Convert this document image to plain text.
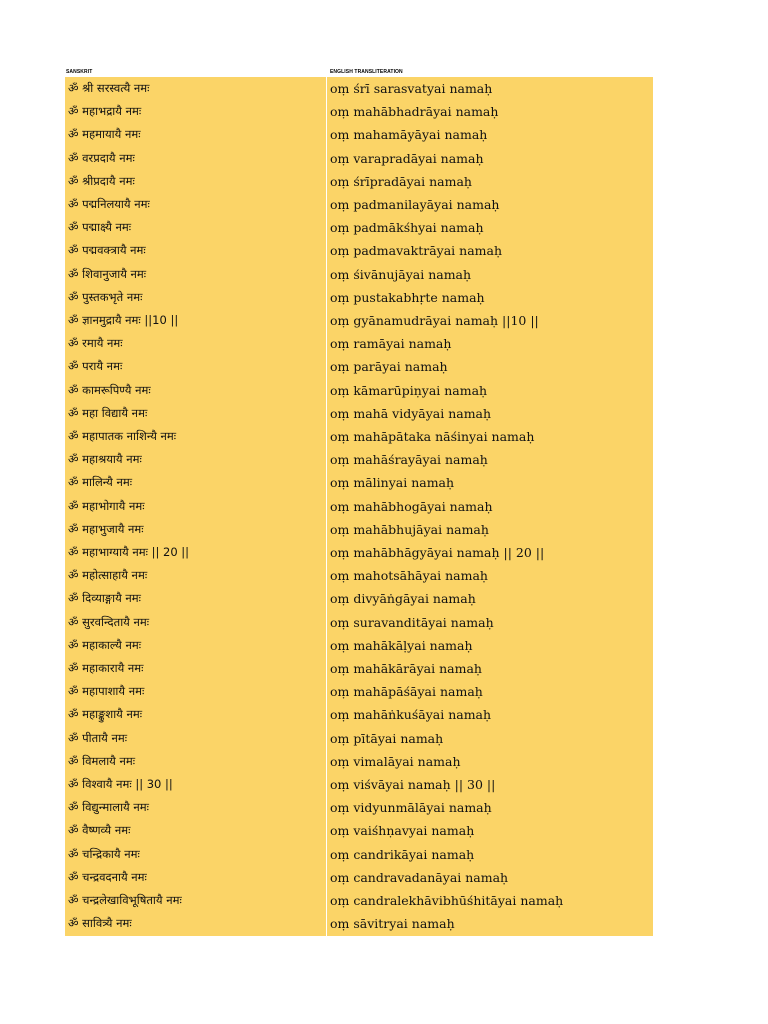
SANSKRIT	ENGLISH TRANSLITERATION
ॐ श्री सरस्वत्यै नमः	oṃ śrī sarasvatyai namaḥ
ॐ महाभद्रायै नमः	oṃ mahābhadrāyai namaḥ
ॐ महमायायै नमः	oṃ mahamāyāyai namaḥ
ॐ वरप्रदायै नमः	oṃ varapradāyai namaḥ
ॐ श्रीप्रदायै नमः	oṃ śrīpradāyai namaḥ
ॐ पद्मनिलयायै नमः	oṃ padmanilayāyai namaḥ
ॐ पद्माक्ष्यै नमः	oṃ padmākśhyai namaḥ
ॐ पद्मवक्त्रायै नमः	oṃ padmavaktrāyai namaḥ
ॐ शिवानुजायै नमः	oṃ śivānujāyai namaḥ
ॐ पुस्तकभृते नमः	oṃ pustakabhṛte namaḥ
ॐ ज्ञानमुद्रायै नमः ||10 ||	oṃ gyānamudrāyai namaḥ ||10 ||
ॐ रमायै नमः	oṃ ramāyai namaḥ
ॐ परायै नमः	oṃ parāyai namaḥ
ॐ कामरूपिण्यै नमः	oṃ kāmarūpiṇyai namaḥ
ॐ महा विद्यायै नमः	oṃ mahā vidyāyai namaḥ
ॐ महापातक नाशिन्यै नमः	oṃ mahāpātaka nāśinyai namaḥ
ॐ महाश्रयायै नमः	oṃ mahāśrayāyai namaḥ
ॐ मालिन्यै नमः	oṃ mālinyai namaḥ
ॐ महाभोगायै नमः	oṃ mahābhogāyai namaḥ
ॐ महाभुजायै नमः	oṃ mahābhujāyai namaḥ
ॐ महाभाग्यायै नमः || 20 ||	oṃ mahābhāgyāyai namaḥ || 20 ||
ॐ महोत्साहायै नमः	oṃ mahotsāhāyai namaḥ
ॐ दिव्याङ्गायै नमः	oṃ divyāṅgāyai namaḥ
ॐ सुरवन्दितायै नमः	oṃ suravanditāyai namaḥ
ॐ महाकाल्यै नमः	oṃ mahākāḷyai namaḥ
ॐ महाकारायै नमः	oṃ mahākārāyai namaḥ
ॐ महापाशायै नमः	oṃ mahāpāśāyai namaḥ
ॐ महाङ्कुशायै नमः	oṃ mahāṅkuśāyai namaḥ
ॐ पीतायै नमः	oṃ pītāyai namaḥ
ॐ विमलायै नमः	oṃ vimalāyai namaḥ
ॐ विश्वायै नमः || 30 ||	oṃ viśvāyai namaḥ || 30 ||
ॐ विद्युन्मालायै नमः	oṃ vidyunmālāyai namaḥ
ॐ वैष्णव्यै नमः	oṃ vaiśhṇavyai namaḥ
ॐ चन्द्रिकायै नमः	oṃ candrikāyai namaḥ
ॐ चन्द्रवदनायै नमः	oṃ candravadanāyai namaḥ
ॐ चन्द्रलेखाविभूषितायै नमः	oṃ candralekhāvibhūśhitāyai namaḥ
ॐ सावित्र्यै नमः	oṃ sāvitryai namaḥ
